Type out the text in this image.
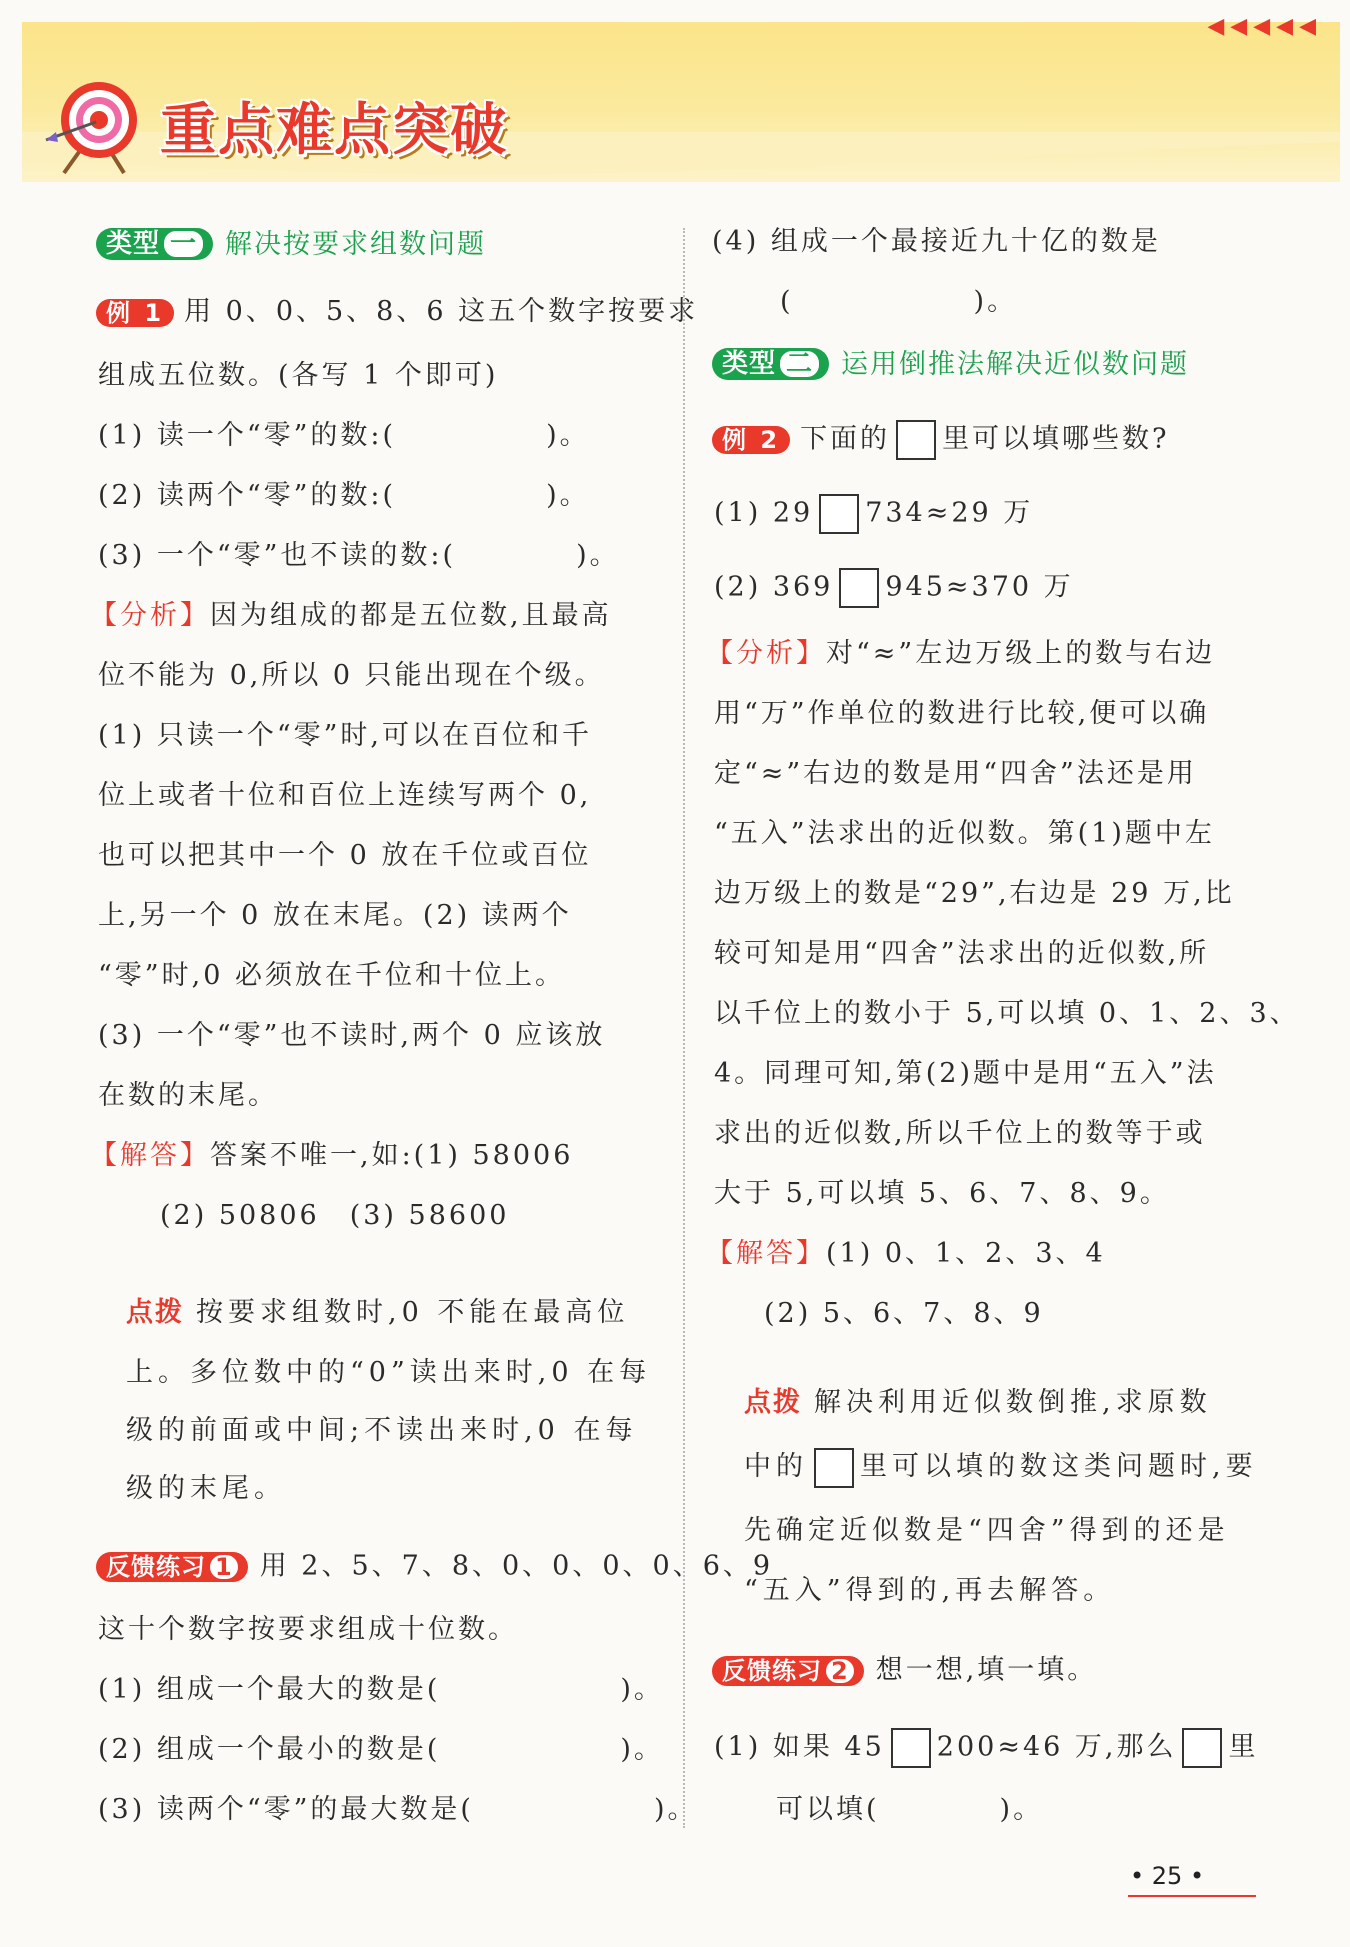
◀◀◀◀◀
重点难点突破
类型 一 解决按要求组数问题
例 1 用 0、0、5、8、6 这五个数字按要求
组成五位数。(各写 1 个即可)
(1) 读一个“零”的数:(　　　　　)。
(2) 读两个“零”的数:(　　　　　)。
(3) 一个“零”也不读的数:(　　　　)。
【分析】因为组成的都是五位数,且最高
位不能为 0,所以 0 只能出现在个级。
(1) 只读一个“零”时,可以在百位和千
位上或者十位和百位上连续写两个 0,
也可以把其中一个 0 放在千位或百位
上,另一个 0 放在末尾。(2) 读两个
“零”时,0 必须放在千位和十位上。
(3) 一个“零”也不读时,两个 0 应该放
在数的末尾。
【解答】答案不唯一,如:(1) 58006
(2) 50806　(3) 58600
点拨 按要求组数时,0 不能在最高位
上。多位数中的“0”读出来时,0 在每
级的前面或中间;不读出来时,0 在每
级的末尾。
反馈练习 1 用 2、5、7、8、0、0、0、0、6、9
这十个数字按要求组成十位数。
(1) 组成一个最大的数是(　　　　　　)。
(2) 组成一个最小的数是(　　　　　　)。
(3) 读两个“零”的最大数是(　　　　　　)。
(4) 组成一个最接近九十亿的数是
(　　　　　　)。
类型 二 运用倒推法解决近似数问题
例 2 下面的 里可以填哪些数?
(1) 29 734≈29 万
(2) 369 945≈370 万
【分析】对“≈”左边万级上的数与右边
用“万”作单位的数进行比较,便可以确
定“≈”右边的数是用“四舍”法还是用
“五入”法求出的近似数。第(1)题中左
边万级上的数是“29”,右边是 29 万,比
较可知是用“四舍”法求出的近似数,所
以千位上的数小于 5,可以填 0、1、2、3、
4。同理可知,第(2)题中是用“五入”法
求出的近似数,所以千位上的数等于或
大于 5,可以填 5、6、7、8、9。
【解答】(1) 0、1、2、3、4
(2) 5、6、7、8、9
点拨 解决利用近似数倒推,求原数
中的 里可以填的数这类问题时,要
先确定近似数是“四舍”得到的还是
“五入”得到的,再去解答。
反馈练习 2 想一想,填一填。
(1) 如果 45 200≈46 万,那么 里
可以填(　　　　)。
• 25 •
